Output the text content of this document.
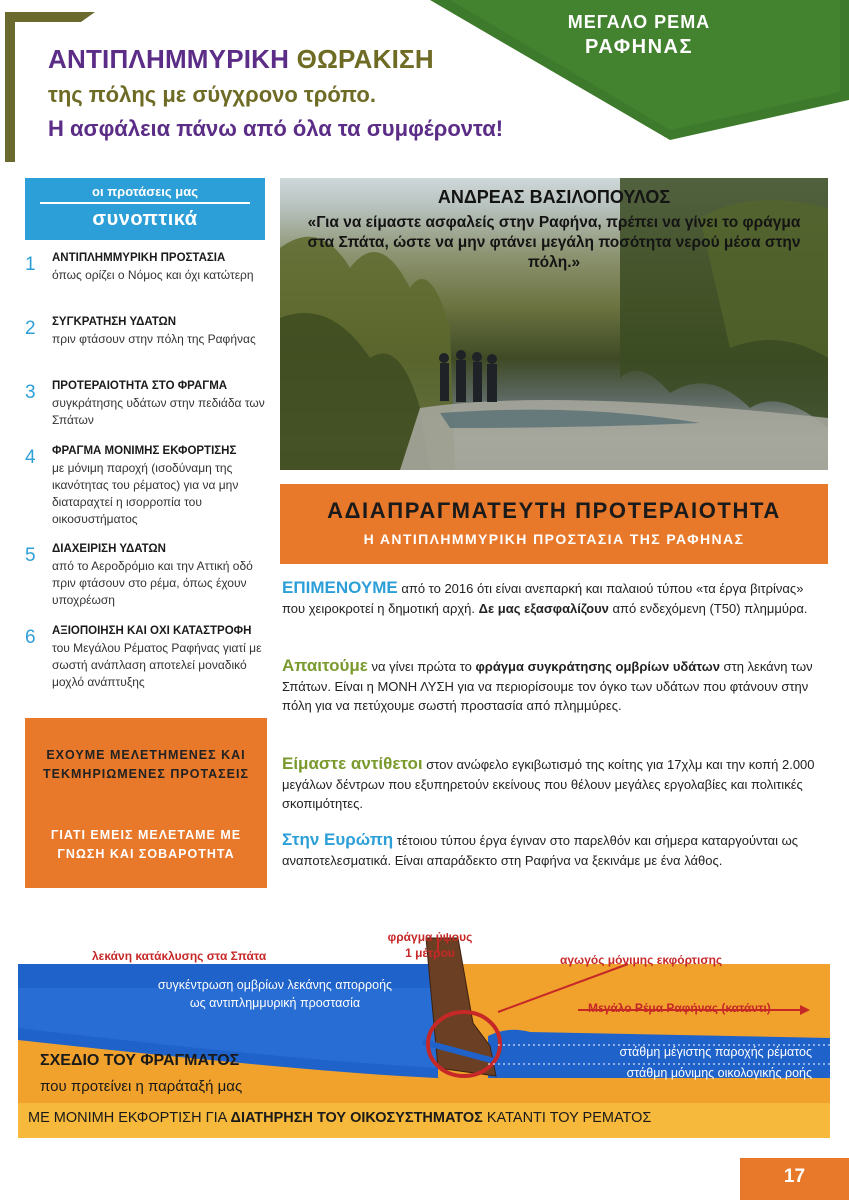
ΑΝΤΙΠΛΗΜΜΥΡΙΚΗ ΘΩΡΑΚΙΣΗ
της πόλης με σύγχρονο τρόπο.
Η ασφάλεια πάνω από όλα τα συμφέροντα!
ΜΕΓΑΛΟ ΡΕΜΑ
ΡΑΦΗΝΑΣ
οι προτάσεις μας
συνοπτικά
1	ΑΝΤΙΠΛΗΜΜΥΡΙΚΗ ΠΡΟΣΤΑΣΙΑ
όπως ορίζει ο Νόμος και όχι κατώτερη
2	ΣΥΓΚΡΑΤΗΣΗ ΥΔΑΤΩΝ
πριν φτάσουν στην πόλη της Ραφήνας
3	ΠΡΟΤΕΡΑΙΟΤΗΤΑ ΣΤΟ ΦΡΑΓΜΑ
συγκράτησης υδάτων στην πεδιάδα των Σπάτων
4	ΦΡΑΓΜΑ ΜΟΝΙΜΗΣ ΕΚΦΟΡΤΙΣΗΣ
με μόνιμη παροχή (ισοδύναμη της ικανότητας του ρέματος) για να μην διαταραχτεί η ισορροπία του οικοσυστήματος
5	ΔΙΑΧΕΙΡΙΣΗ ΥΔΑΤΩΝ
από το Αεροδρόμιο και την Αττική οδό πριν φτάσουν στο ρέμα, όπως έχουν υποχρέωση
6	ΑΞΙΟΠΟΙΗΣΗ ΚΑΙ ΟΧΙ ΚΑΤΑΣΤΡΟΦΗ
του Μεγάλου Ρέματος Ραφήνας γιατί με σωστή ανάπλαση αποτελεί μοναδικό μοχλό ανάπτυξης
ΕΧΟΥΜΕ ΜΕΛΕΤΗΜΕΝΕΣ ΚΑΙ ΤΕΚΜΗΡΙΩΜΕΝΕΣ ΠΡΟΤΑΣΕΙΣ
ΓΙΑΤΙ ΕΜΕΙΣ ΜΕΛΕΤΑΜΕ ΜΕ ΓΝΩΣΗ ΚΑΙ ΣΟΒΑΡΟΤΗΤΑ
ΑΝΔΡΕΑΣ ΒΑΣΙΛΟΠΟΥΛΟΣ
«Για να είμαστε ασφαλείς στην Ραφήνα, πρέπει να γίνει το φράγμα στα Σπάτα, ώστε να μην φτάνει μεγάλη ποσότητα νερού μέσα στην πόλη.»
ΑΔΙΑΠΡΑΓΜΑΤΕΥΤΗ ΠΡΟΤΕΡΑΙΟΤΗΤΑ
Η ΑΝΤΙΠΛΗΜΜΥΡΙΚΗ ΠΡΟΣΤΑΣΙΑ ΤΗΣ ΡΑΦΗΝΑΣ
ΕΠΙΜΕΝΟΥΜΕ από το 2016 ότι είναι ανεπαρκή και παλαιού τύπου «τα έργα βιτρίνας» που χειροκροτεί η δημοτική αρχή. Δε μας εξασφαλίζουν από ενδεχόμενη (Τ50) πλημμύρα.
Απαιτούμε να γίνει πρώτα το φράγμα συγκράτησης ομβρίων υδάτων στη λεκάνη των Σπάτων. Είναι η ΜΟΝΗ ΛΥΣΗ για να περιορίσουμε τον όγκο των υδάτων που φτάνουν στην πόλη για να πετύχουμε σωστή προστασία από πλημμύρες.
Είμαστε αντίθετοι στον ανώφελο εγκιβωτισμό της κοίτης για 17χλμ και την κοπή 2.000 μεγάλων δέντρων που εξυπηρετούν εκείνους που θέλουν μεγάλες εργολαβίες και πολιτικές σκοπιμότητες.
Στην Ευρώπη τέτοιου τύπου έργα έγιναν στο παρελθόν και σήμερα καταργούνται ως αναποτελεσματικά. Είναι απαράδεκτο στη Ραφήνα να ξεκινάμε με ένα λάθος.
λεκάνη κατάκλυσης στα Σπάτα
φράγμα ύψους
1 μέτρου	αγωγός μόνιμης εκφόρτισης
Μεγάλο Ρέμα Ραφήνας (κατάντι)
συγκέντρωση ομβρίων λεκάνης απορροής
ως αντιπλημμυρική προστασία
στάθμη μέγιστης παροχής ρέματος
στάθμη μόνιμης οικολογικής ροής
ΣΧΕΔΙΟ ΤΟΥ ΦΡΑΓΜΑΤΟΣ
που προτείνει η παράταξή μας
ΜΕ ΜΟΝΙΜΗ ΕΚΦΟΡΤΙΣΗ ΓΙΑ ΔΙΑΤΗΡΗΣΗ ΤΟΥ ΟΙΚΟΣΥΣΤΗΜΑΤΟΣ ΚΑΤΑΝΤΙ ΤΟΥ ΡΕΜΑΤΟΣ
17
